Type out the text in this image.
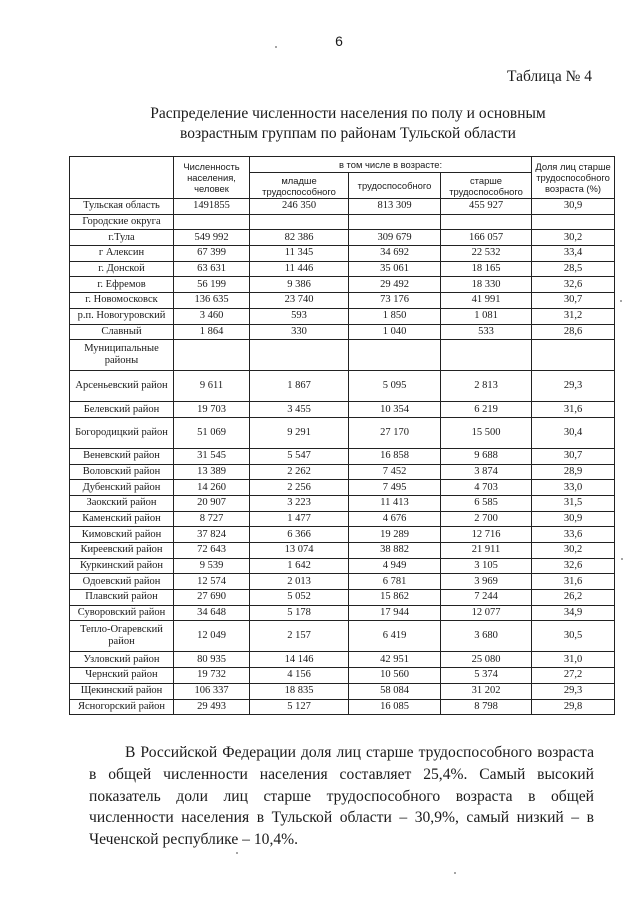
6
Таблица № 4
Распределение численности населения по полу и основным
возрастным группам по районам Тульской области
	Численность населения, человек	в том числе в возрасте:			Доля лиц старше трудоспособного возраста (%)
		младше трудоспособного	трудоспособного	старше трудоспособного	
Тульская область	1491855	246 350	813 309	455 927	30,9
Городские округа					
г.Тула	549 992	82 386	309 679	166 057	30,2
г Алексин	67 399	11 345	34 692	22 532	33,4
г. Донской	63 631	11 446	35 061	18 165	28,5
г. Ефремов	56 199	9 386	29 492	18 330	32,6
г. Новомосковск	136 635	23 740	73 176	41 991	30,7
р.п. Новогуровский	3 460	593	1 850	1 081	31,2
Славный	1 864	330	1 040	533	28,6
Муниципальные районы					
Арсеньевский район	9 611	1 867	5 095	2 813	29,3
Белевский район	19 703	3 455	10 354	6 219	31,6
Богородицкий район	51 069	9 291	27 170	15 500	30,4
Веневский район	31 545	5 547	16 858	9 688	30,7
Воловский район	13 389	2 262	7 452	3 874	28,9
Дубенский район	14 260	2 256	7 495	4 703	33,0
Заокский район	20 907	3 223	11 413	6 585	31,5
Каменский район	8 727	1 477	4 676	2 700	30,9
Кимовский район	37 824	6 366	19 289	12 716	33,6
Киреевский район	72 643	13 074	38 882	21 911	30,2
Куркинский район	9 539	1 642	4 949	3 105	32,6
Одоевский район	12 574	2 013	6 781	3 969	31,6
Плавский район	27 690	5 052	15 862	7 244	26,2
Суворовский район	34 648	5 178	17 944	12 077	34,9
Тепло-Огаревский район	12 049	2 157	6 419	3 680	30,5
Узловский район	80 935	14 146	42 951	25 080	31,0
Чернский район	19 732	4 156	10 560	5 374	27,2
Щекинский район	106 337	18 835	58 084	31 202	29,3
Ясногорский район	29 493	5 127	16 085	8 798	29,8

В Российской Федерации доля лиц старше трудоспособного возраста в общей численности населения составляет 25,4%. Самый высокий показатель доли лиц старше трудоспособного возраста в общей численности населения в Тульской области – 30,9%, самый низкий – в Чеченской республике – 10,4%.
